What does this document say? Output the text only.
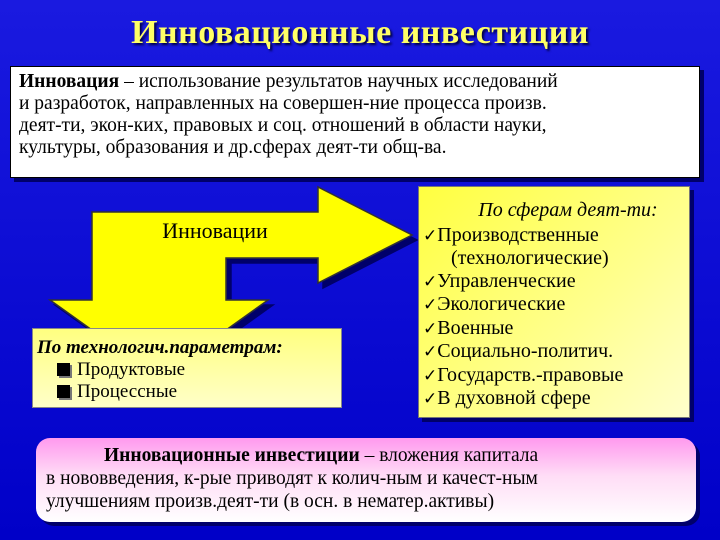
Инновационные инвестиции
Инновация – использование результатов научных исследований
и разработок, направленных на совершен-ние процесса произв.
деят-ти, экон-ких, правовых и соц. отношений в области науки,
культуры, образования и др.сферах деят-ти общ-ва.
Инновации
По технологич.параметрам:
Продуктовые
Процессные
По сферам деят-ти:
✓Производственные
(технологические)
✓Управленческие
✓Экологические
✓Военные
✓Социально-политич.
✓Государств.-правовые
✓В духовной сфере
Инновационные инвестиции – вложения капитала
в нововведения, к-рые приводят к колич-ным и качест-ным
улучшениям произв.деят-ти (в осн. в нематер.активы)
